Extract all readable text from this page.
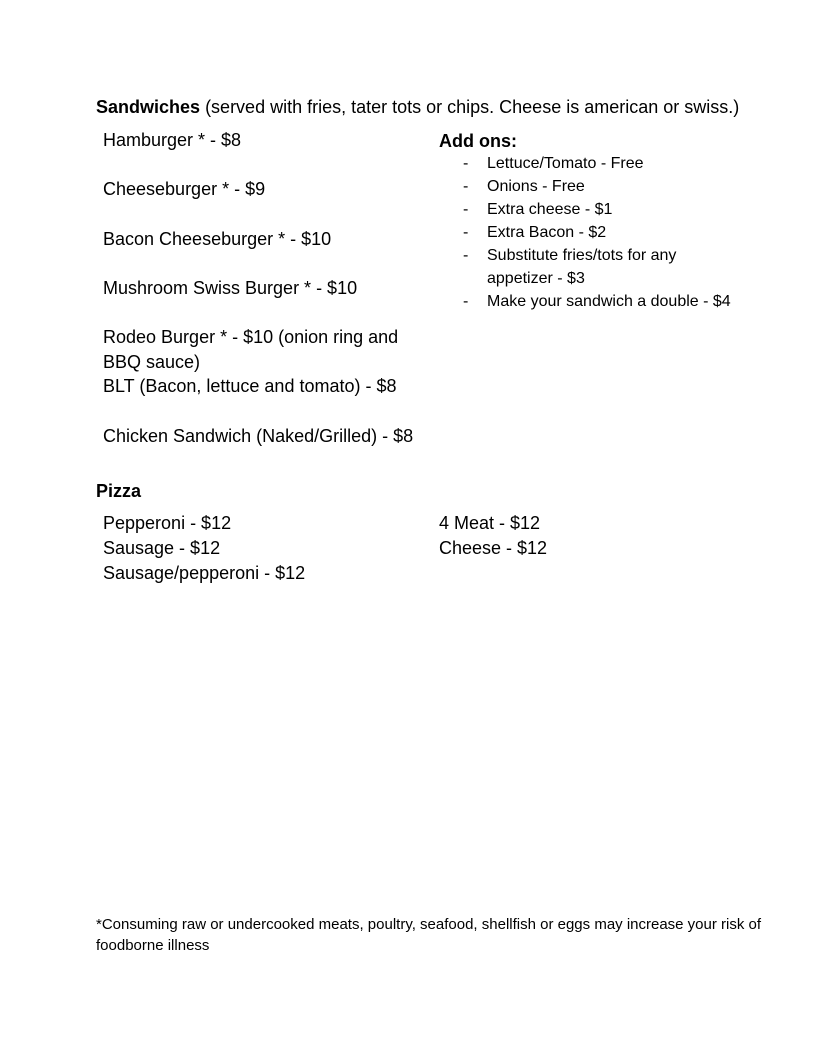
Sandwiches (served with fries, tater tots or chips. Cheese is american or swiss.)
Hamburger * - $8
Cheeseburger * - $9
Bacon Cheeseburger * - $10
Mushroom Swiss Burger * - $10
Rodeo Burger * - $10 (onion ring and
BBQ sauce)
BLT (Bacon, lettuce and tomato) - $8
Chicken Sandwich (Naked/Grilled) - $8
Add ons:
- Lettuce/Tomato - Free
- Onions - Free
- Extra cheese - $1
- Extra Bacon - $2
- Substitute fries/tots for any
appetizer - $3
- Make your sandwich a double - $4
Pizza
Pepperoni - $12
Sausage - $12
Sausage/pepperoni - $12
4 Meat - $12
Cheese - $12
*Consuming raw or undercooked meats, poultry, seafood, shellfish or eggs may increase your risk of foodborne illness
